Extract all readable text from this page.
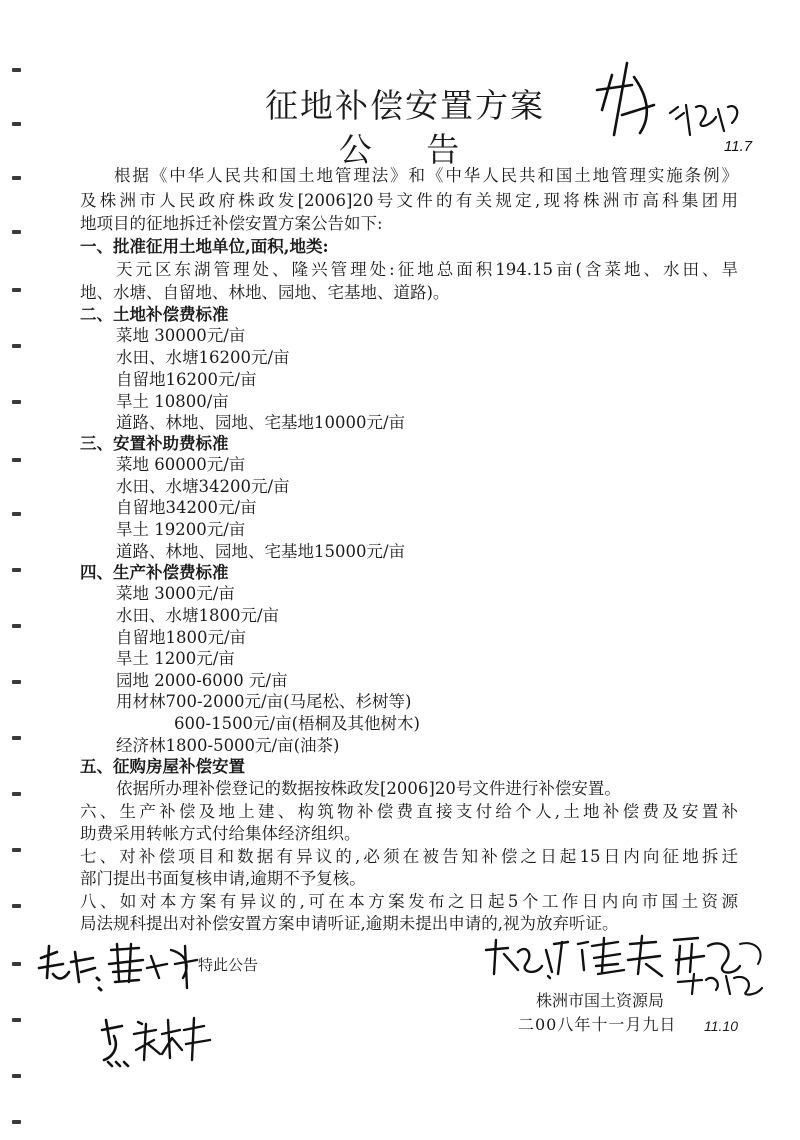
征地补偿安置方案
公 告	11.7
根据《中华人民共和国土地管理法》和《中华人民共和国土地管理实施条例》
及株洲市人民政府株政发[2006]20号文件的有关规定,现将株洲市高科集团用
地项目的征地拆迁补偿安置方案公告如下:
一、批准征用土地单位,面积,地类:
天元区东湖管理处、隆兴管理处:征地总面积194.15亩(含菜地、水田、旱
地、水塘、自留地、林地、园地、宅基地、道路)。
二、土地补偿费标准
菜地 30000元/亩
水田、水塘16200元/亩
自留地16200元/亩
旱土 10800/亩
道路、林地、园地、宅基地10000元/亩
三、安置补助费标准
菜地 60000元/亩
水田、水塘34200元/亩
自留地34200元/亩
旱土 19200元/亩
道路、林地、园地、宅基地15000元/亩
四、生产补偿费标准
菜地 3000元/亩
水田、水塘1800元/亩
自留地1800元/亩
旱土 1200元/亩
园地 2000-6000 元/亩
用材林700-2000元/亩(马尾松、杉树等)
600-1500元/亩(梧桐及其他树木)
经济林1800-5000元/亩(油茶)
五、征购房屋补偿安置
依据所办理补偿登记的数据按株政发[2006]20号文件进行补偿安置。
六、生产补偿及地上建、构筑物补偿费直接支付给个人,土地补偿费及安置补
助费采用转帐方式付给集体经济组织。
七、对补偿项目和数据有异议的,必须在被告知补偿之日起15日内向征地拆迁
部门提出书面复核申请,逾期不予复核。
八、如对本方案有异议的,可在本方案发布之日起5个工作日内向市国土资源
局法规科提出对补偿安置方案申请听证,逾期未提出申请的,视为放弃听证。
特此公告
株洲市国土资源局
二00八年十一月九日 11.10
